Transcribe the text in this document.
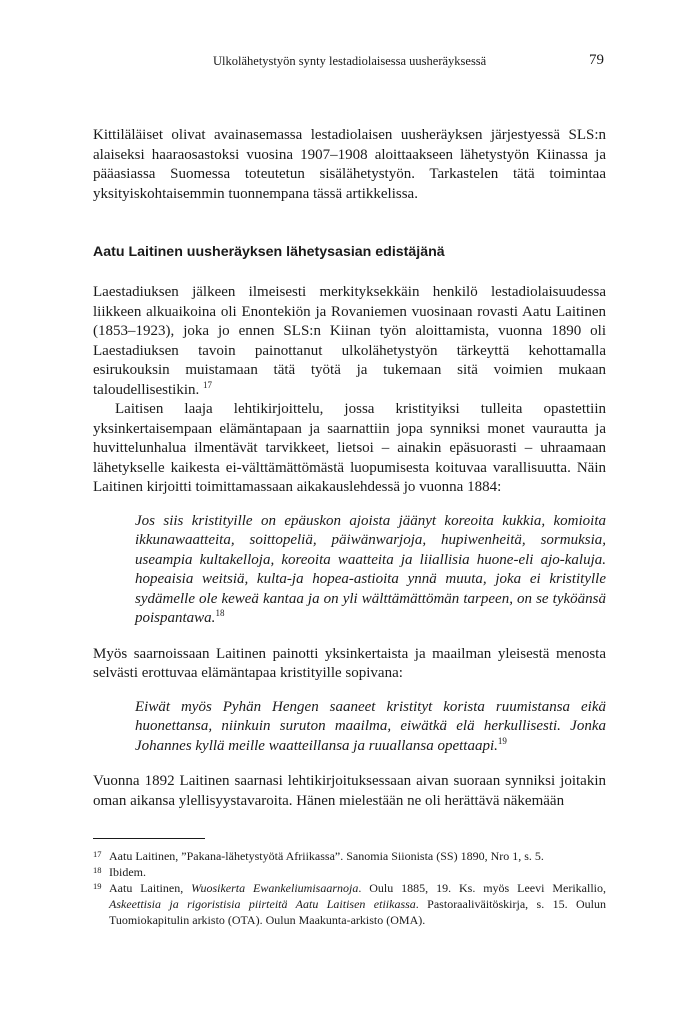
Ulkolähetystyön synty lestadiolaisessa uusheräyksessä	79

Kittiläläiset olivat avainasemassa lestadiolaisen uusheräyksen järjestyessä SLS:n alaiseksi haaraosastoksi vuosina 1907–1908 aloittaakseen lähetystyön Kiinassa ja pääasiassa Suomessa toteutetun sisälähetystyön. Tarkastelen tätä toimintaa yksityiskohtaisemmin tuonnempana tässä artikkelissa.

Aatu Laitinen uusheräyksen lähetysasian edistäjänä

Laestadiuksen jälkeen ilmeisesti merkityksekkäin henkilö lestadiolaisuudessa liikkeen alkuaikoina oli Enontekiön ja Rovaniemen vuosinaan rovasti Aatu Laitinen (1853–1923), joka jo ennen SLS:n Kiinan työn aloittamista, vuonna 1890 oli Laestadiuksen tavoin painottanut ulkolähetystyön tärkeyttä kehottamalla esirukouksin muistamaan tätä työtä ja tukemaan sitä voimien mukaan taloudellisestikin. $^{17}$

Laitisen laaja lehtikirjoittelu, jossa kristityiksi tulleita opastettiin yksinkertaisempaan elämäntapaan ja saarnattiin jopa synniksi monet vaurautta ja huvittelunhalua ilmentävät tarvikkeet, lietsoi – ainakin epäsuorasti – uhraamaan lähetykselle kaikesta ei-välttämättömästä luopumisesta koituvaa varallisuutta. Näin Laitinen kirjoitti toimittamassaan aikakauslehdessä jo vuonna 1884:

Jos siis kristityille on epäuskon ajoista jäänyt koreoita kukkia, komioita ikkunawaatteita, soittopeliä, päiwänwarjoja, hupiwenheitä, sormuksia, useampia kultakelloja, koreoita waatteita ja liiallisia huone-eli ajo-kaluja. hopeaisia weitsiä, kulta-ja hopea-astioita ynnä muuta, joka ei kristitylle sydämelle ole keweä kantaa ja on yli wälttämättömän tarpeen, on se tyköänsä poispantawa.$^{18}$

Myös saarnoissaan Laitinen painotti yksinkertaista ja maailman yleisestä menosta selvästi erottuvaa elämäntapaa kristityille sopivana:

Eiwät myös Pyhän Hengen saaneet kristityt korista ruumistansa eikä huonettansa, niinkuin suruton maailma, eiwätkä elä herkullisesti. Jonka Johannes kyllä meille waatteillansa ja ruuallansa opettaapi.$^{19}$

Vuonna 1892 Laitinen saarnasi lehtikirjoituksessaan aivan suoraan synniksi joitakin oman aikansa ylellisyystavaroita. Hänen mielestään ne oli herättävä näkemään

17 Aatu Laitinen, ”Pakana-lähetystyötä Afriikassa”. Sanomia Siionista (SS) 1890, Nro 1, s. 5.

18 Ibidem.

19 Aatu Laitinen, Wuosikerta Ewankeliumisaarnoja. Oulu 1885, 19. Ks. myös Leevi Merikallio, Askeettisia ja rigoristisia piirteitä Aatu Laitisen etiikassa. Pastoraaliväitöskirja, s. 15. Oulun Tuomiokapitulin arkisto (OTA). Oulun Maakunta-arkisto (OMA).
